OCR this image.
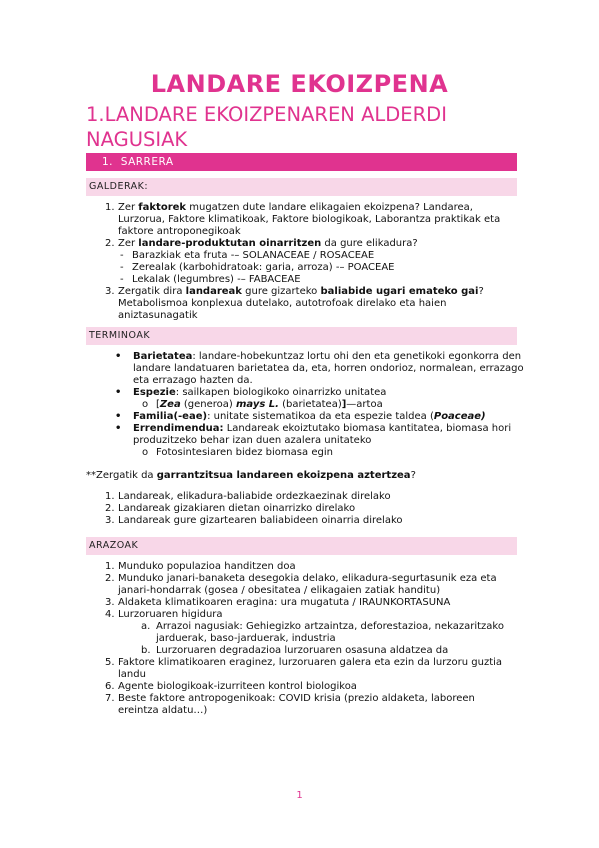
LANDARE EKOIZPENA
1.LANDARE EKOIZPENAREN ALDERDI NAGUSIAK
1. SARRERA
GALDERAK:
1. Zer faktorek mugatzen dute landare elikagaien ekoizpena? Landarea, Lurzorua, Faktore klimatikoak, Faktore biologikoak, Laborantza praktikak eta faktore antroponegikoak
2. Zer landare-produktutan oinarritzen da gure elikadura?
- Barazkiak eta fruta -– SOLANACEAE / ROSACEAE
- Zerealak (karbohidratoak: garia, arroza) -– POACEAE
- Lekalak (legumbres) -– FABACEAE
3. Zergatik dira landareak gure gizarteko baliabide ugari emateko gai? Metabolismoa konplexua dutelako, autotrofoak direlako eta haien aniztasunagatik
TERMINOAK
• Barietatea: landare-hobekuntzaz lortu ohi den eta genetikoki egonkorra den landare landatuaren barietatea da, eta, horren ondorioz, normalean, errazago eta errazago hazten da.
• Espezie: sailkapen biologikoko oinarrizko unitatea
o [Zea (generoa) mays L. (barietatea)]—artoa
• Familia(-eae): unitate sistematikoa da eta espezie taldea (Poaceae)
• Errendimendua: Landareak ekoiztutako biomasa kantitatea, biomasa hori produzitzeko behar izan duen azalera unitateko
o Fotosintesiaren bidez biomasa egin
**Zergatik da garrantzitsua landareen ekoizpena aztertzea?
1. Landareak, elikadura-baliabide ordezkaezinak direlako
2. Landareak gizakiaren dietan oinarrizko direlako
3. Landareak gure gizartearen baliabideen oinarria direlako
ARAZOAK
1. Munduko populazioa handitzen doa
2. Munduko janari-banaketa desegokia delako, elikadura-segurtasunik eza eta janari-hondarrak (gosea / obesitatea / elikagaien zatiak handitu)
3. Aldaketa klimatikoaren eragina: ura mugatuta / IRAUNKORTASUNA
4. Lurzoruaren higidura
a. Arrazoi nagusiak: Gehiegizko artzaintza, deforestazioa, nekazaritzako jarduerak, baso-jarduerak, industria
b. Lurzoruaren degradazioa lurzoruaren osasuna aldatzea da
5. Faktore klimatikoaren eraginez, lurzoruaren galera eta ezin da lurzoru guztia landu
6. Agente biologikoak-izurriteen kontrol biologikoa
7. Beste faktore antropogenikoak: COVID krisia (prezio aldaketa, laboreen ereintza aldatu…)
1
